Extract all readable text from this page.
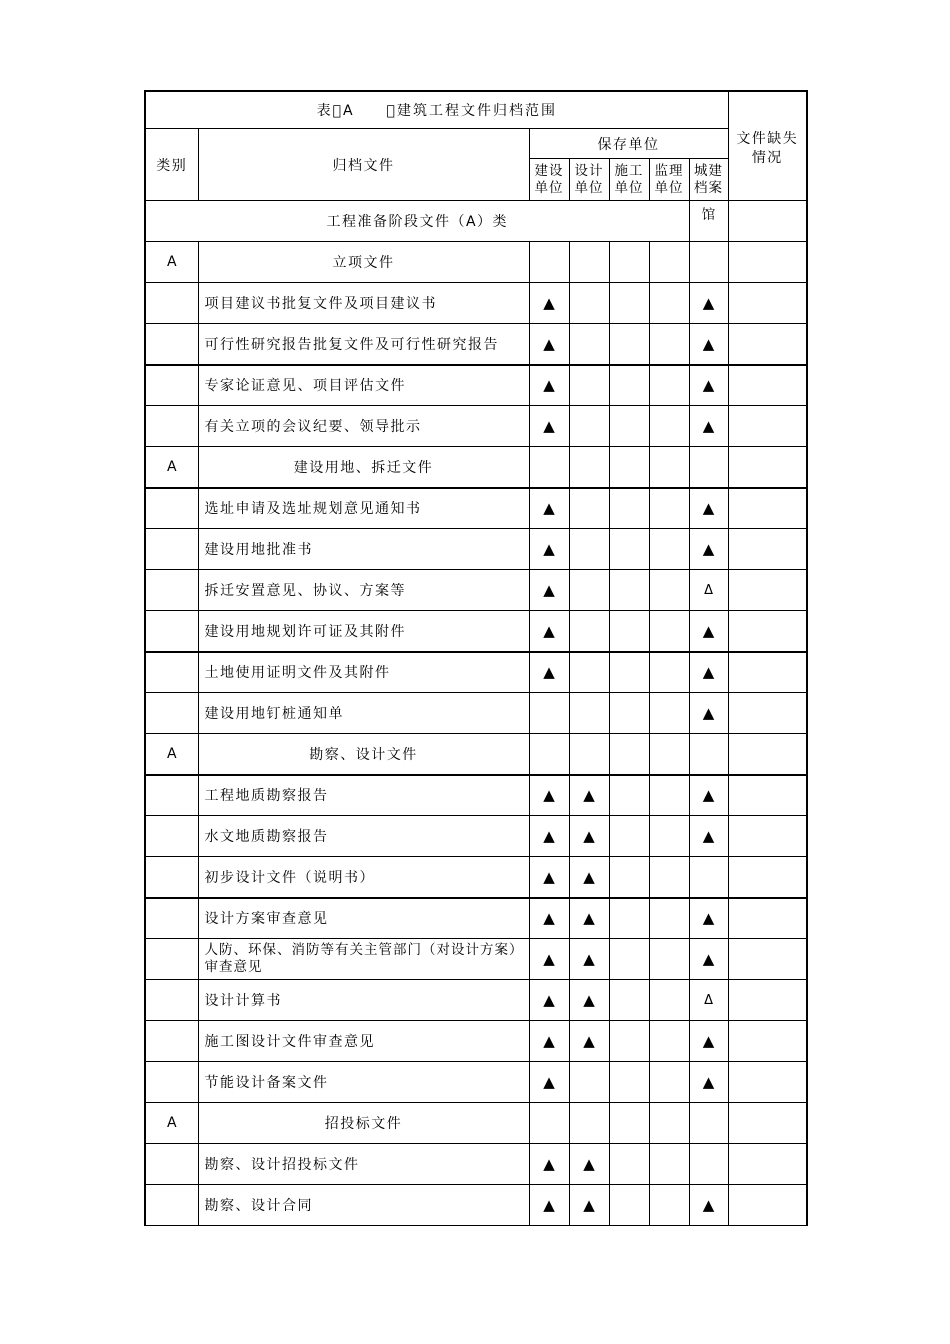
表 A　　 建筑工程文件归档范围							文件缺失情况

类别	归档文件	保存单位					
		建设单位	设计单位	施工单位	监理单位	城建档案	
工程准备阶段文件（A）类						馆	
A	立项文件						
	项目建议书批复文件及项目建议书	▲				▲	
	可行性研究报告批复文件及可行性研究报告	▲				▲	
	专家论证意见、项目评估文件	▲				▲	
	有关立项的会议纪要、领导批示	▲				▲	
A	建设用地、拆迁文件						
	选址申请及选址规划意见通知书	▲				▲	
	建设用地批准书	▲				▲	
	拆迁安置意见、协议、方案等	▲				Δ	
	建设用地规划许可证及其附件	▲				▲	
	土地使用证明文件及其附件	▲				▲	
	建设用地钉桩通知单					▲	
A	勘察、设计文件						
	工程地质勘察报告	▲	▲			▲	
	水文地质勘察报告	▲	▲			▲	
	初步设计文件（说明书）	▲	▲				
	设计方案审查意见	▲	▲			▲	
	人防、环保、消防等有关主管部门（对设计方案）审查意见	▲	▲			▲	
	设计计算书	▲	▲			Δ	
	施工图设计文件审查意见	▲	▲			▲	
	节能设计备案文件	▲				▲	
A	招投标文件						
	勘察、设计招投标文件	▲	▲				
	勘察、设计合同	▲	▲			▲	
